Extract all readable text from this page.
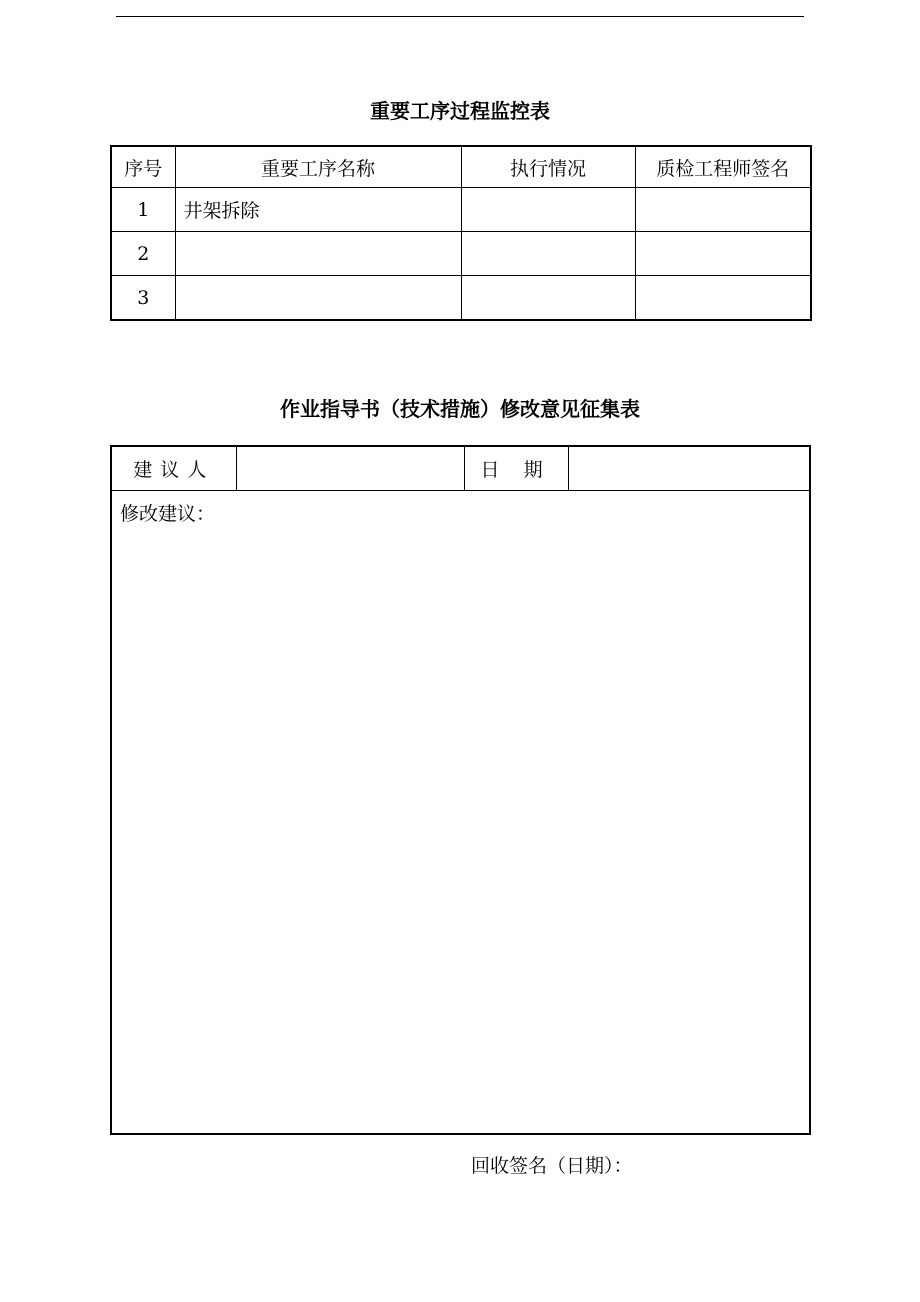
重要工序过程监控表
序号	重要工序名称	执行情况	质检工程师签名
1	井架拆除		
2			
3			
作业指导书（技术措施）修改意见征集表
建议人		日    期	
修改建议：
回收签名（日期）：
